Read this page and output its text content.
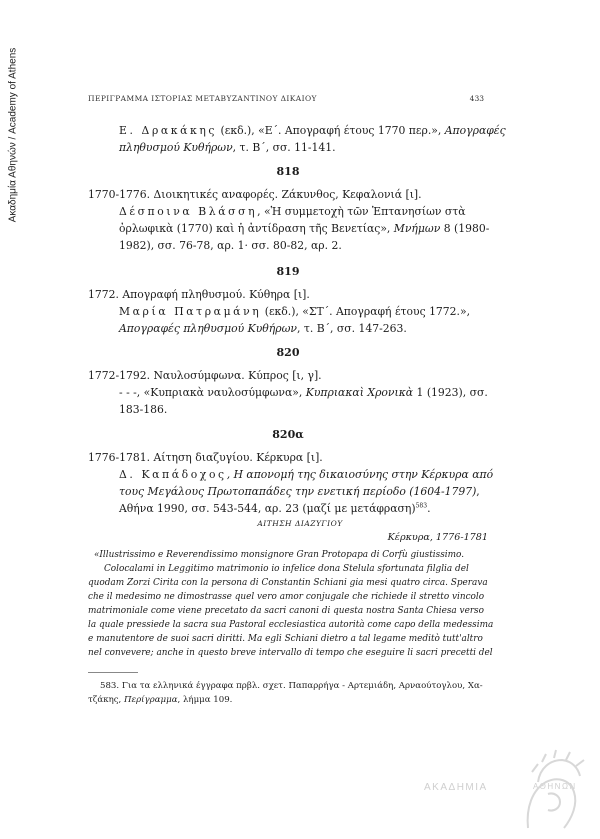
Ακαδημία Αθηνών / Academy of Athens	ΠΕΡΙΓΡΑΜΜΑ ΙΣΤΟΡΙΑΣ ΜΕΤΑΒΥΖΑΝΤΙΝΟΥ ΔΙΚΑΙΟΥ	433
Ε. Δρακάκης (εκδ.), «Ε΄. Απογραφή έτους 1770 περ.», Απογραφές
πληθυσμού Κυθήρων, τ. Β΄, σσ. 11-141.
818
1770-1776. Διοικητικές αναφορές. Ζάκυνθος, Κεφαλονιά [ι].
Δέσποινα Βλάσση, «Ἡ συμμετοχὴ τῶν Ἑπτανησίων στὰ
ὀρλωφικὰ (1770) καὶ ἡ ἀντίδραση τῆς Βενετίας», Μνήμων 8 (1980-
1982), σσ. 76-78, αρ. 1· σσ. 80-82, αρ. 2.
819
1772. Απογραφή πληθυσμού. Κύθηρα [ι].
Μαρία Πατραμάνη (εκδ.), «ΣΤ΄. Απογραφή έτους 1772.»,
Απογραφές πληθυσμού Κυθήρων, τ. Β΄, σσ. 147-263.
820
1772-1792. Ναυλοσύμφωνα. Κύπρος [ι, γ].
- - -, «Κυπριακὰ ναυλοσύμφωνα», Κυπριακαὶ Χρονικὰ 1 (1923), σσ.
183-186.
820α
1776-1781. Αίτηση διαζυγίου. Κέρκυρα [ι].
Δ. Καπάδοχος, Η απονομή της δικαιοσύνης στην Κέρκυρα από
τους Μεγάλους Πρωτοπαπάδες την ενετική περίοδο (1604-1797),
Αθήνα 1990, σσ. 543-544, αρ. 23 (μαζί με μετάφραση)$^{583}$.
ΑΙΤΗΣΗ ΔΙΑΖΥΓΙΟΥ
Κέρκυρα, 1776-1781
«Illustrissimo e Reverendissimo monsignore Gran Protopapa di Corfù giustissimo.
Colocalami in Leggitimo matrimonio io infelice dona Stelula sfortunata filglia del
quodam Zorzi Cirita con la persona di Constantin Schiani gia mesi quatro circa. Sperava
che il medesimo ne dimostrasse quel vero amor conjugale che richiede il stretto vincolo
matrimoniale come viene precetato da sacri canoni di questa nostra Santa Chiesa verso
la quale pressiede la sacra sua Pastoral ecclesiastica autorità come capo della medessima
e manutentore de suoi sacri diritti. Ma egli Schiani dietro a tal legame meditò tutt'altro
nel convevere; anche in questo breve intervallo di tempo che eseguire li sacri precetti del
583. Για τα ελληνικά έγγραφα πρβλ. σχετ. Παπαρρήγα - Αρτεμιάδη, Αρναούτογλου, Χα-
τζάκης, Περίγραμμα, λήμμα 109.
ΑΚΑΔΗΜΙΑ	ΑΘΗΝΩΝ
